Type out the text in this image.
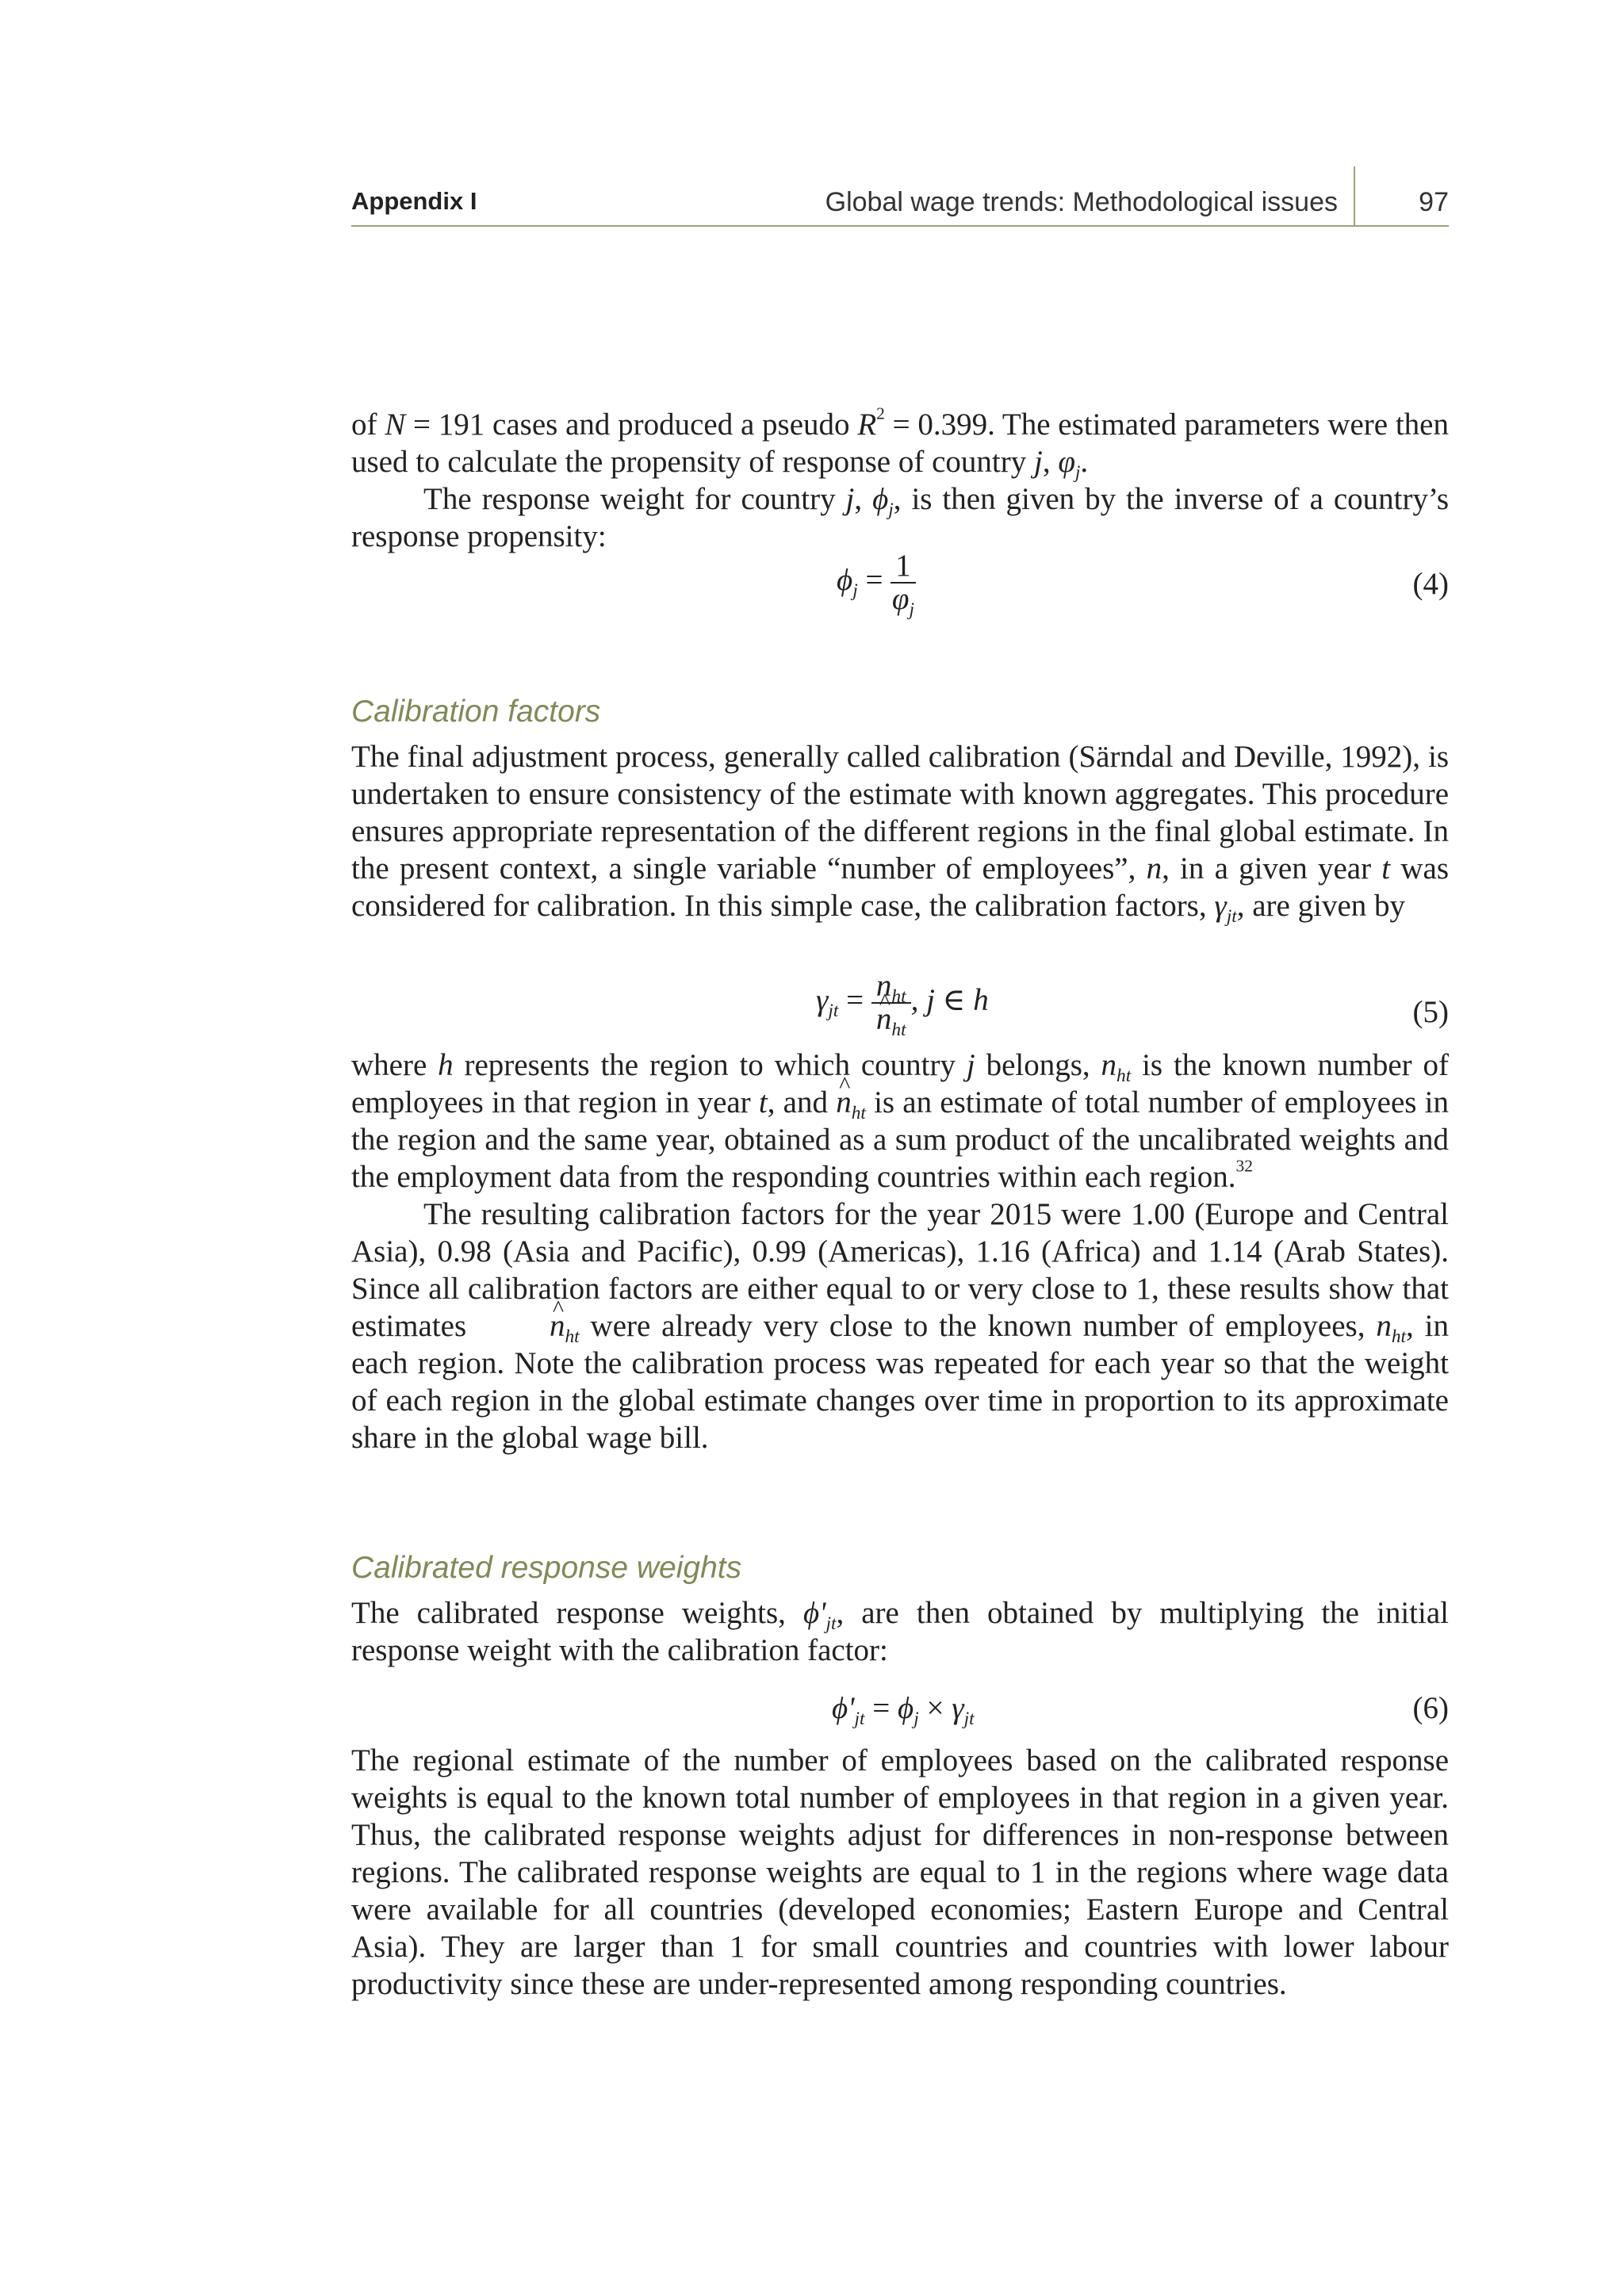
Appendix I	Global wage trends: Methodological issues	97

of N = 191 cases and produced a pseudo $R^2 = 0.399$. The estimated parameters were then used to calculate the propensity of response of country j, $\varphi_j$.

The response weight for country j, $\phi_j$, is then given by the inverse of a country’s response propensity:

$\phi_j = \frac{1}{\varphi_j}$	(4)
Calibration factors

The final adjustment process, generally called calibration (Särndal and Deville, 1992), is undertaken to ensure consistency of the estimate with known aggregates. This procedure ensures appropriate representation of the different regions in the final global estimate. In the present context, a single variable “number of employees”, n, in a given year t was considered for calibration. In this simple case, the calibration factors, $\gamma_{jt}$, are given by

$\gamma_{jt} = n_{ht}$
^ $n_{ht}$ , j ∈ h	(5)

where h represents the region to which country j belongs, $n_{ht}$ is the known number of employees in that region in year t, and ^ $n_{ht}$ is an estimate of total number of employees in the region and the same year, obtained as a sum product of the uncalibrated weights and the employment data from the responding countries within each region.$^{32}$

The resulting calibration factors for the year 2015 were 1.00 (Europe and Central Asia), 0.98 (Asia and Pacific), 0.99 (Americas), 1.16 (Africa) and 1.14 (Arab States). Since all calibration factors are either equal to or very close to 1, these results show that estimates ^ $n_{ht}$ were already very close to the known number of employees, $n_{ht}$, in each region. Note the calibration process was repeated for each year so that the weight of each region in the global estimate changes over time in proportion to its approximate share in the global wage bill.

Calibrated response weights

The calibrated response weights, $\phi'_{jt}$, are then obtained by multiplying the initial response weight with the calibration factor:

$\phi'_{jt} = \phi_j \times \gamma_{jt}$	(6)

The regional estimate of the number of employees based on the calibrated response weights is equal to the known total number of employees in that region in a given year. Thus, the calibrated response weights adjust for differences in non-response between regions. The calibrated response weights are equal to 1 in the regions where wage data were available for all countries (developed economies; Eastern Europe and Central Asia). They are larger than 1 for small countries and countries with lower labour productivity since these are under-represented among responding countries.
